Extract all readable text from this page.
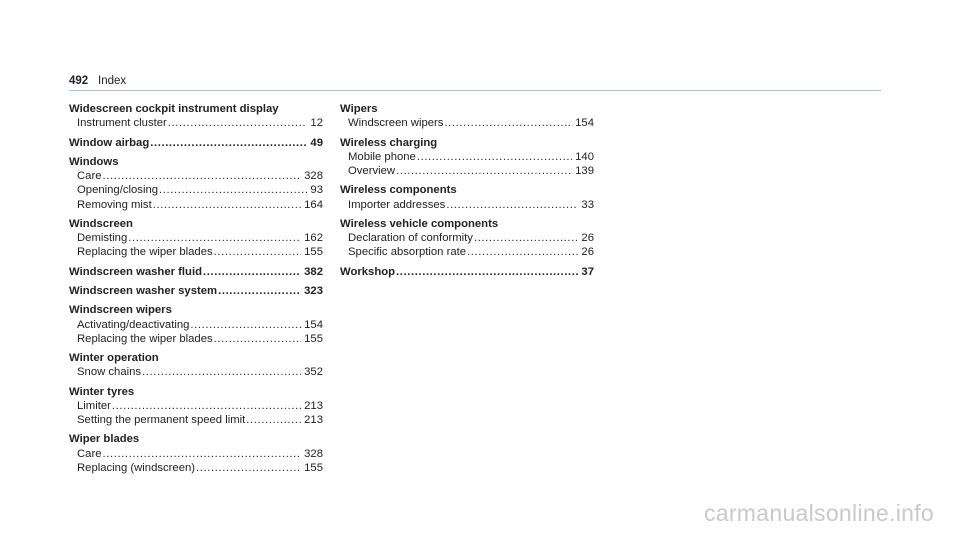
492 Index
Widescreen cockpit instrument display
Instrument cluster .....	12
Window airbag .....	49
Windows
Care .....	328
Opening/closing .....	93
Removing mist .....	164
Windscreen
Demisting .....	162
Replacing the wiper blades .....	155
Windscreen washer fluid .....	382
Windscreen washer system .....	323
Windscreen wipers
Activating/deactivating .....	154
Replacing the wiper blades .....	155
Winter operation
Snow chains .....	352
Winter tyres
Limiter .....	213
Setting the permanent speed limit .....	213
Wiper blades
Care .....	328
Replacing (windscreen) .....	155
Wipers
Windscreen wipers .....	154
Wireless charging
Mobile phone .....	140
Overview .....	139
Wireless components
Importer addresses .....	33
Wireless vehicle components
Declaration of conformity .....	26
Specific absorption rate .....	26
Workshop .....	37
carmanualsonline.info
